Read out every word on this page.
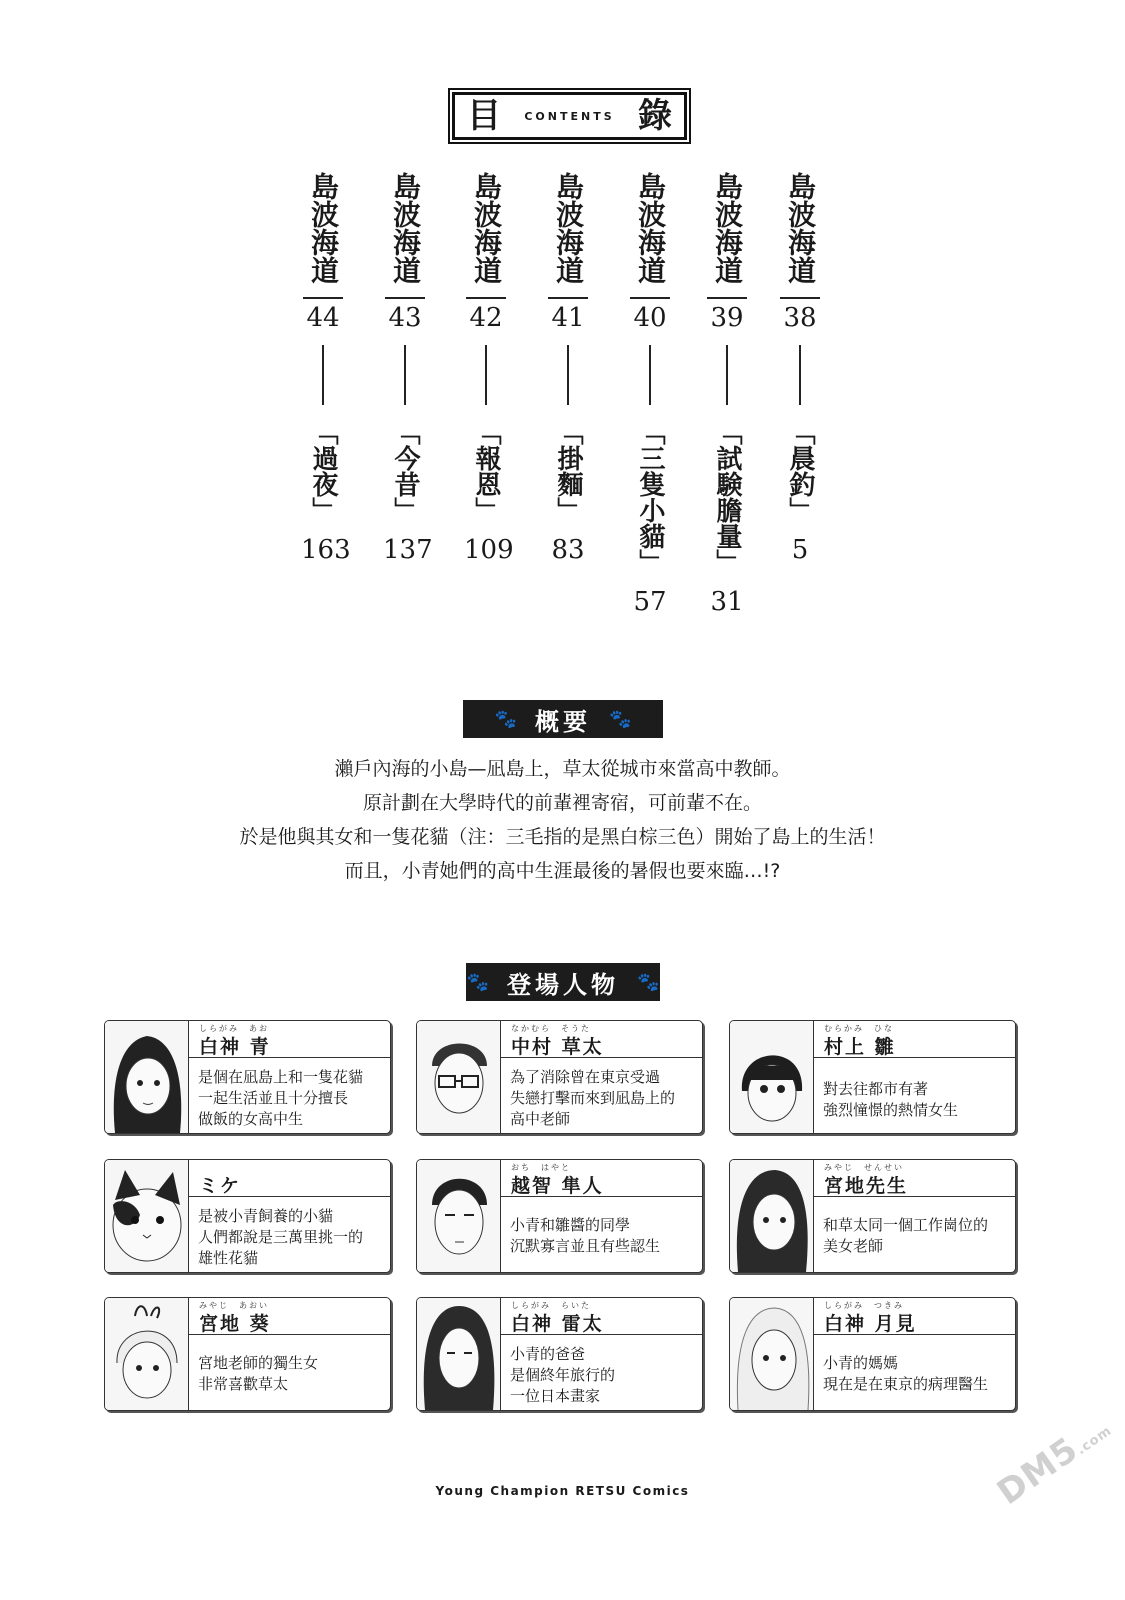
目 CONTENTS 錄
島波海道
44
「過夜」
163
島波海道
43
「今昔」
137
島波海道
42
「報恩」
109
島波海道
41
「掛麵」
83
島波海道
40
「三隻小貓」
57
島波海道
39
「試験膽量」
31
島波海道
38
「晨釣」
5
🐾 概要 🐾

瀨戶內海的小島—凪島上，草太從城市來當高中教師。

原計劃在大學時代的前輩裡寄宿，可前輩不在。

於是他與其女和一隻花貓（注：三毛指的是黑白棕三色）開始了島上的生活！

而且，小青她們的高中生涯最後的暑假也要來臨…!?

🐾 登場人物 🐾
しらがみ　あお
白神 青
是個在凪島上和一隻花貓
一起生活並且十分擅長
做飯的女高中生
なかむら　そうた
中村 草太
為了消除曾在東京受過
失戀打擊而來到凪島上的
高中老師
むらかみ　ひな
村上 雛
對去往都市有著
強烈憧憬的熱情女生
ミケ
是被小青飼養的小貓
人們都說是三萬里挑一的
雄性花貓
おち　はやと
越智 隼人
小青和雛醬的同學
沉默寡言並且有些認生
みやじ　せんせい
宮地先生
和草太同一個工作崗位的
美女老師
みやじ　あおい
宮地 葵
宮地老師的獨生女
非常喜歡草太
しらがみ　らいた
白神 雷太
小青的爸爸
是個終年旅行的
一位日本畫家
しらがみ　つきみ
白神 月見
小青的媽媽
現在是在東京的病理醫生
Young Champion RETSU Comics	DM5.com
